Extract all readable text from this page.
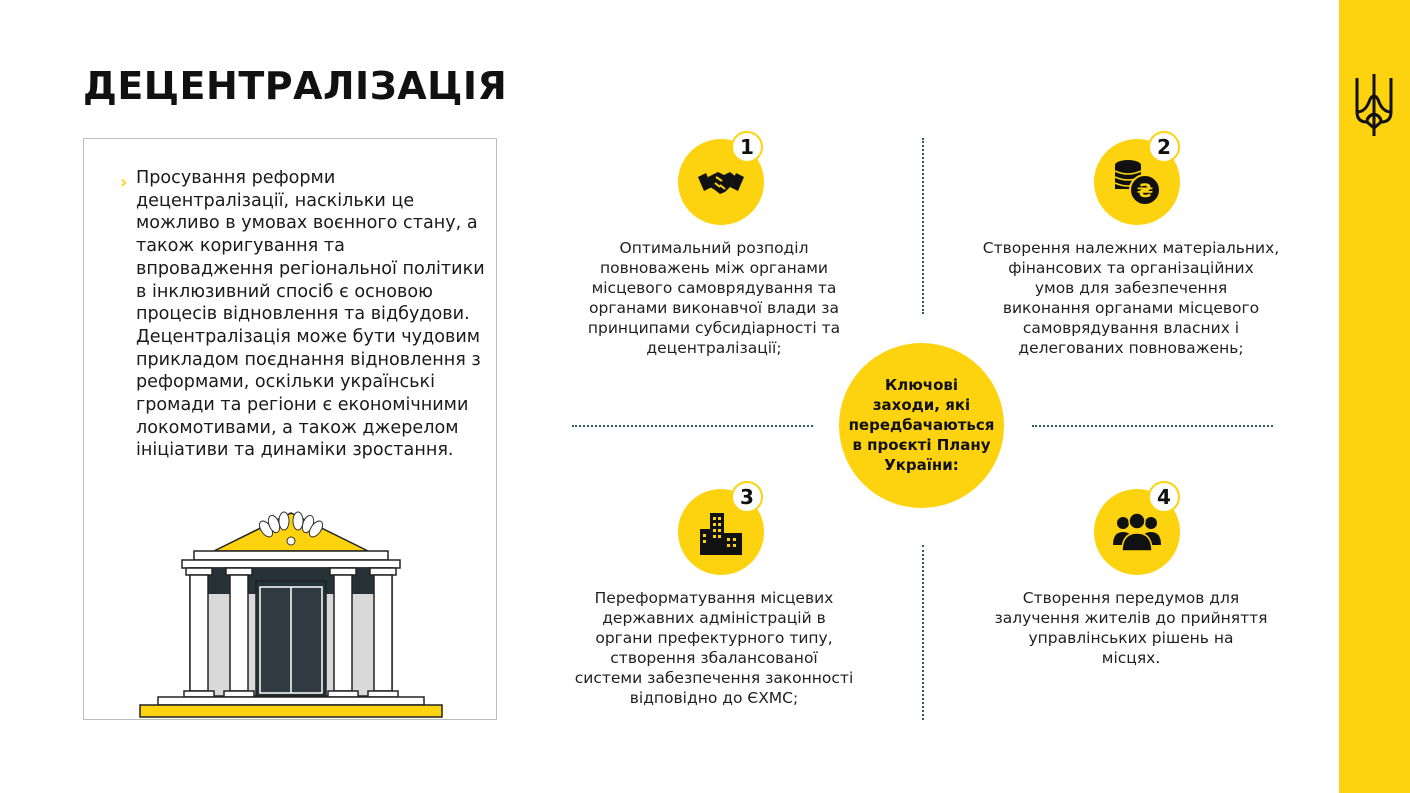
ДЕЦЕНТРАЛІЗАЦІЯ
› Просування реформи децентралізації, наскільки це можливо в умовах воєнного стану, а також коригування та впровадження регіональної політики в інклюзивний спосіб є основою процесів відновлення та відбудови. Децентралізація може бути чудовим прикладом поєднання відновлення з реформами, оскільки українські громади та регіони є економічними локомотивами, а також джерелом ініціативи та динаміки зростання.
1
Оптимальний розподіл
повноважень між органами
місцевого самоврядування та
органами виконавчої влади за
принципами субсидіарності та
децентралізації;
₴
2
Створення належних матеріальних,
фінансових та організаційних
умов для забезпечення
виконання органами місцевого
самоврядування власних і
делегованих повноважень;
3
Переформатування місцевих
державних адміністрацій в
органи префектурного типу,
створення збалансованої
системи забезпечення законності
відповідно до ЄХМС;
4
Створення передумов для
залучення жителів до прийняття
управлінських рішень на
місцях.
Ключові
заходи, які
передбачаються
в проєкті Плану
України:
